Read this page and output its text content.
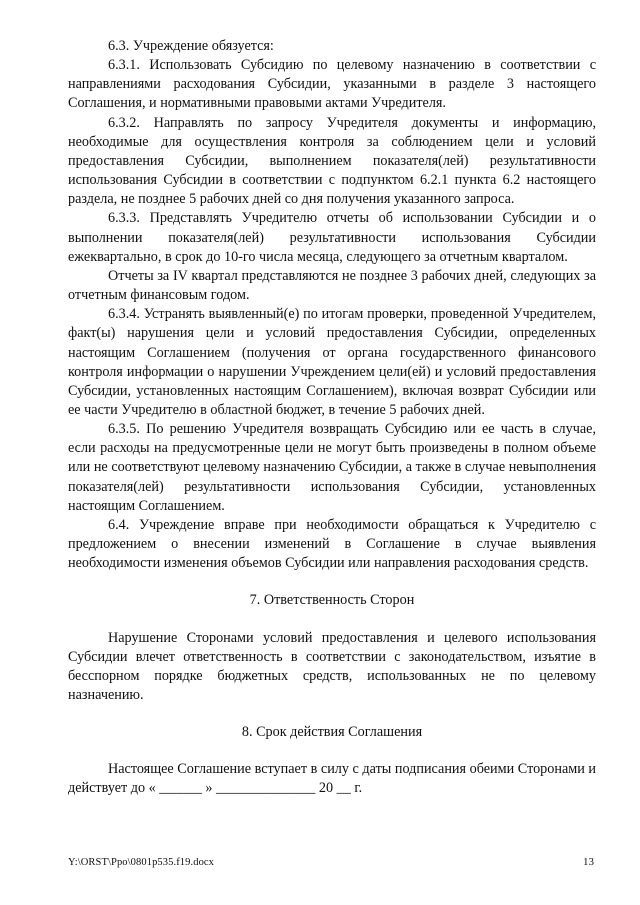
6.3. Учреждение обязуется:

6.3.1. Использовать Субсидию по целевому назначению в соответствии с направлениями расходования Субсидии, указанными в разделе 3 настоящего Соглашения, и нормативными правовыми актами Учредителя.

6.3.2. Направлять по запросу Учредителя документы и информацию, необходимые для осуществления контроля за соблюдением цели и условий предоставления Субсидии, выполнением показателя(лей) результативности использования Субсидии в соответствии с подпунктом 6.2.1 пункта 6.2 настоящего раздела, не позднее 5 рабочих дней со дня получения указанного запроса.

6.3.3. Представлять Учредителю отчеты об использовании Субсидии и о выполнении показателя(лей) результативности использования Субсидии ежеквартально, в срок до 10-го числа месяца, следующего за отчетным кварталом.

Отчеты за IV квартал представляются не позднее 3 рабочих дней, следующих за отчетным финансовым годом.

6.3.4. Устранять выявленный(е) по итогам проверки, проведенной Учредителем, факт(ы) нарушения цели и условий предоставления Субсидии, определенных настоящим Соглашением (получения от органа государственного финансового контроля информации о нарушении Учреждением цели(ей) и условий предоставления Субсидии, установленных настоящим Соглашением), включая возврат Субсидии или ее части Учредителю в областной бюджет, в течение 5 рабочих дней.

6.3.5. По решению Учредителя возвращать Субсидию или ее часть в случае, если расходы на предусмотренные цели не могут быть произведены в полном объеме или не соответствуют целевому назначению Субсидии, а также в случае невыполнения показателя(лей) результативности использования Субсидии, установленных настоящим Соглашением.

6.4. Учреждение вправе при необходимости обращаться к Учредителю с предложением о внесении изменений в Соглашение в случае выявления необходимости изменения объемов Субсидии или направления расходования средств.

7. Ответственность Сторон

Нарушение Сторонами условий предоставления и целевого использования Субсидии влечет ответственность в соответствии с законодательством, изъятие в бесспорном порядке бюджетных средств, использованных не по целевому назначению.

8. Срок действия Соглашения

Настоящее Соглашение вступает в силу с даты подписания обеими Сторонами и действует до « ______ » ______________ 20 __ г.

Y:\ORST\Ppo\0801p535.f19.docx	13
